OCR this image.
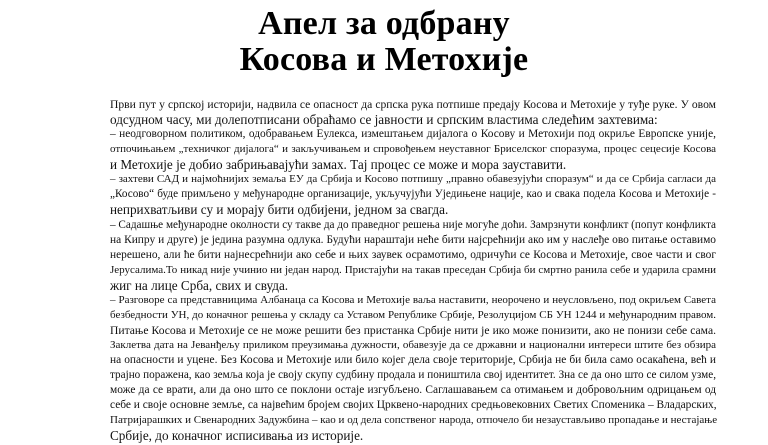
Апел за одбрану
Косова и Метохије
Први пут у српској историји, надвила се опасност да српска рука потпише предају Косова и Метохије у туђе руке. У овом
одсудном часу, ми долепотписани обраћамо се јавности и српским властима следећим захтевима:
– неодговорном политиком, одобравањем Еулекса, измештањем дијалога о Косову и Метохији под окриље Европске уније,
отпочињањем „техничког дијалога“ и закључивањем и спровођењем неуставног Бриселског споразума, процес сецесије Косова
и Метохије је добио забрињавајући замах. Тај процес се може и мора зауставити.
– захтеви САД и најмоћнијих земаља ЕУ да Србија и Косово потпишу „правно обавезујући споразум“ и да се Србија сагласи да
„Косово“ буде примљено у међународне организације, укључујући Уједињене нације, као и свака подела Косова и Метохије -
неприхватљиви су и морају бити одбијени, једном за свагда.
– Садашње међународне околности су такве да до праведног решења није могуће доћи. Замрзнути конфликт (попут конфликта
на Кипру и друге) је једина разумна одлука. Будући нараштаји неће бити најсрећнији ако им у наслеђе ово питање оставимо
нерешено, али ће бити најнесрећнији ако себе и њих заувек осрамотимо, одричући се Косова и Метохије, свое части и свог
Јерусалима.То никад није учинио ни један народ. Пристајући на такав преседан Србија би смртно ранила себе и ударила срамни
жиг на лице Срба, свих и свуда.
– Разговоре са представницима Албанаца са Косова и Метохије ваља наставити, неорочено и неусловљено, под окриљем Савета
безбедности УН, до коначног решења у складу са Уставом Републике Србије, Резолуцијом СБ УН 1244 и међународним правом.
Питање Косова и Метохије се не може решити без пристанка Србије нити је ико може понизити, ако не понизи себе сама.
Заклетва дата на Јеванђељу приликом преузимања дужности, обавезује да се државни и национални интереси штите без обзира
на опасности и уцене. Без Косова и Метохије или било којег дела своје територије, Србија не би била само осакаћена, већ и
трајно поражена, као земља која је своју скупу судбину продала и поништила свој идентитет. Зна се да оно што се силом узме,
може да се врати, али да оно што се поклони остаје изгубљено. Саглашавањем са отимањем и добровољним одрицањем од
себе и своје основне земље, са највећим бројем својих Црквено-народних средњовековних Светих Споменика – Владарских,
Патријарашких и Свенародних Задужбина – као и од дела сопственог народа, отпочело би незаустављиво пропадање и нестајање
Србије, до коначног исписивања из историје.
